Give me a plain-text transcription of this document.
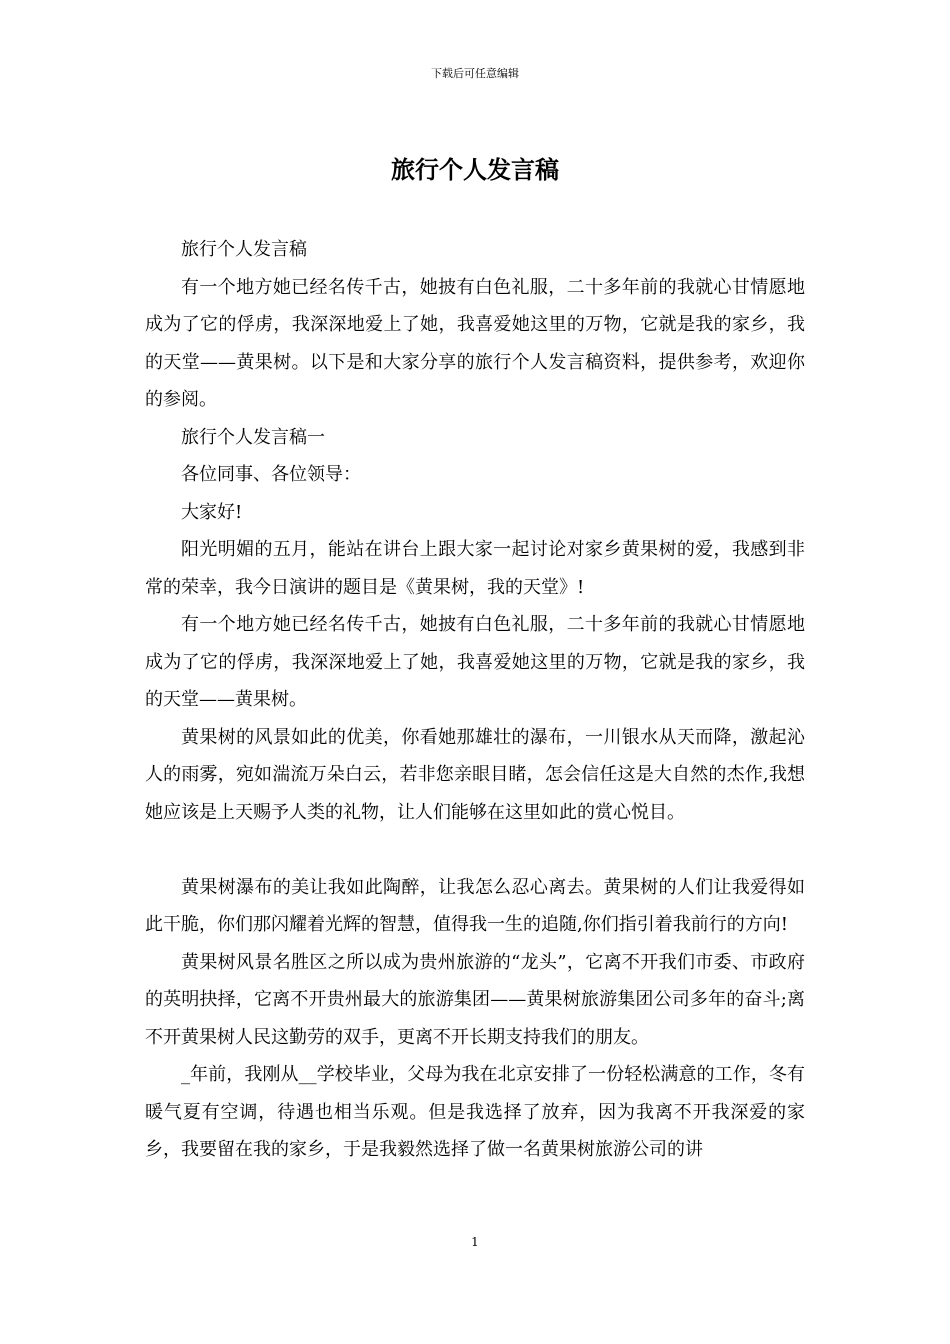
下载后可任意编辑
旅行个人发言稿

旅行个人发言稿

有一个地方她已经名传千古，她披有白色礼服，二十多年前的我就心甘情愿地成为了它的俘虏，我深深地爱上了她，我喜爱她这里的万物，它就是我的家乡，我的天堂——黄果树。以下是和大家分享的旅行个人发言稿资料，提供参考，欢迎你的参阅。

旅行个人发言稿一

各位同事、各位领导：

大家好!

阳光明媚的五月，能站在讲台上跟大家一起讨论对家乡黄果树的爱，我感到非常的荣幸，我今日演讲的题目是《黄果树，我的天堂》!

有一个地方她已经名传千古，她披有白色礼服，二十多年前的我就心甘情愿地成为了它的俘虏，我深深地爱上了她，我喜爱她这里的万物，它就是我的家乡，我的天堂——黄果树。

黄果树的风景如此的优美，你看她那雄壮的瀑布，一川银水从天而降，激起沁人的雨雾，宛如湍流万朵白云，若非您亲眼目睹，怎会信任这是大自然的杰作,我想她应该是上天赐予人类的礼物，让人们能够在这里如此的赏心悦目。

黄果树瀑布的美让我如此陶醉，让我怎么忍心离去。黄果树的人们让我爱得如此干脆，你们那闪耀着光辉的智慧，值得我一生的追随,你们指引着我前行的方向!

黄果树风景名胜区之所以成为贵州旅游的“龙头”，它离不开我们市委、市政府的英明抉择，它离不开贵州最大的旅游集团——黄果树旅游集团公司多年的奋斗;离不开黄果树人民这勤劳的双手，更离不开长期支持我们的朋友。

_年前，我刚从__学校毕业，父母为我在北京安排了一份轻松满意的工作，冬有暖气夏有空调，待遇也相当乐观。但是我选择了放弃，因为我离不开我深爱的家乡，我要留在我的家乡，于是我毅然选择了做一名黄果树旅游公司的讲

1
